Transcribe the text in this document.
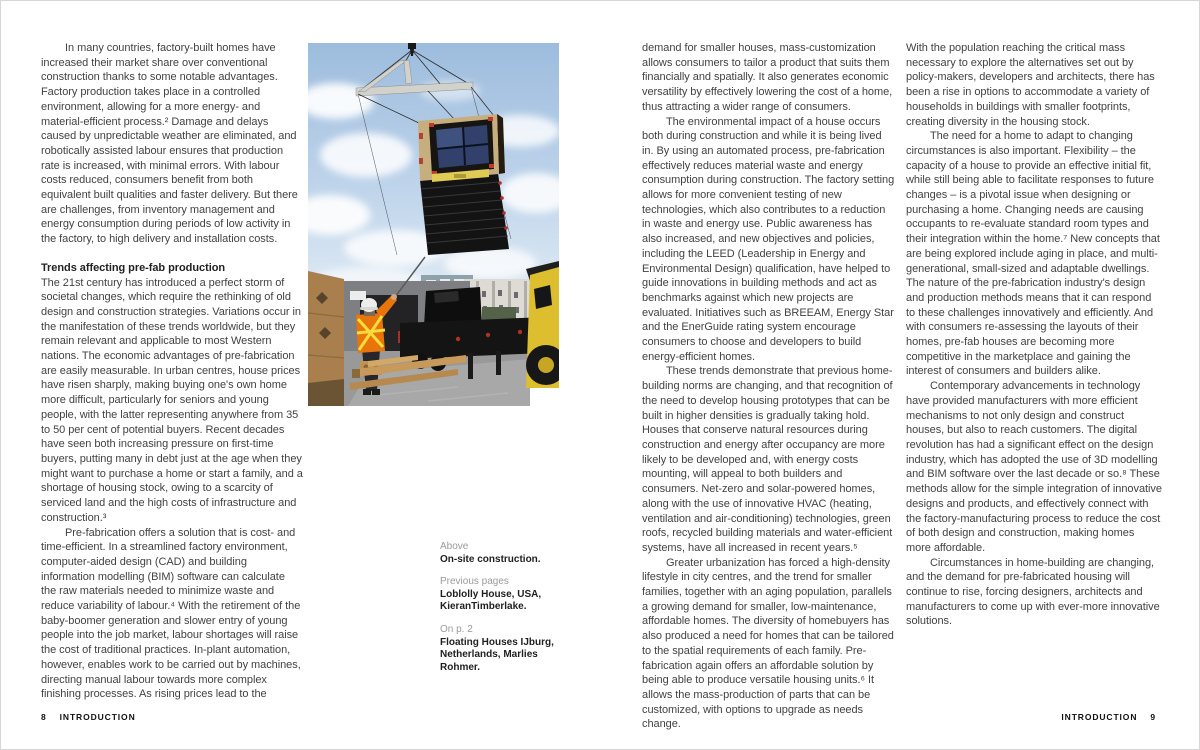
In many countries, factory-built homes have increased their market share over conventional construction thanks to some notable advantages. Factory production takes place in a controlled environment, allowing for a more energy- and material-efficient process.² Damage and delays caused by unpredictable weather are eliminated, and robotically assisted labour ensures that production rate is increased, with minimal errors. With labour costs reduced, consumers benefit from both equivalent built qualities and faster delivery. But there are challenges, from inventory management and energy consumption during periods of low activity in the factory, to high delivery and installation costs.

Trends affecting pre-fab production

The 21st century has introduced a perfect storm of societal changes, which require the rethinking of old design and construction strategies. Variations occur in the manifestation of these trends worldwide, but they remain relevant and applicable to most Western nations. The economic advantages of pre-fabrication are easily measurable. In urban centres, house prices have risen sharply, making buying one's own home more difficult, particularly for seniors and young people, with the latter representing anywhere from 35 to 50 per cent of potential buyers. Recent decades have seen both increasing pressure on first-time buyers, putting many in debt just at the age when they might want to purchase a home or start a family, and a shortage of housing stock, owing to a scarcity of serviced land and the high costs of infrastructure and construction.³

Pre-fabrication offers a solution that is cost- and time-efficient. In a streamlined factory environment, computer-aided design (CAD) and building information modelling (BIM) software can calculate the raw materials needed to minimize waste and reduce variability of labour.⁴ With the retirement of the baby-boomer generation and slower entry of young people into the job market, labour shortages will raise the cost of traditional practices. In-plant automation, however, enables work to be carried out by machines, directing manual labour towards more complex finishing processes. As rising prices lead to the

Above

On-site construction.

Previous pages

Loblolly House, USA, KieranTimberlake.

On p. 2

Floating Houses IJburg, Netherlands, Marlies Rohmer.

demand for smaller houses, mass-customization allows consumers to tailor a product that suits them financially and spatially. It also generates economic versatility by effectively lowering the cost of a home, thus attracting a wider range of consumers.

The environmental impact of a house occurs both during construction and while it is being lived in. By using an automated process, pre-fabrication effectively reduces material waste and energy consumption during construction. The factory setting allows for more convenient testing of new technologies, which also contributes to a reduction in waste and energy use. Public awareness has also increased, and new objectives and policies, including the LEED (Leadership in Energy and Environmental Design) qualification, have helped to guide innovations in building methods and act as benchmarks against which new projects are evaluated. Initiatives such as BREEAM, Energy Star and the EnerGuide rating system encourage consumers to choose and developers to build energy-efficient homes.

These trends demonstrate that previous home-building norms are changing, and that recognition of the need to develop housing prototypes that can be built in higher densities is gradually taking hold. Houses that conserve natural resources during construction and energy after occupancy are more likely to be developed and, with energy costs mounting, will appeal to both builders and consumers. Net-zero and solar-powered homes, along with the use of innovative HVAC (heating, ventilation and air-conditioning) technologies, green roofs, recycled building materials and water-efficient systems, have all increased in recent years.⁵

Greater urbanization has forced a high-density lifestyle in city centres, and the trend for smaller families, together with an aging population, parallels a growing demand for smaller, low-maintenance, affordable homes. The diversity of homebuyers has also produced a need for homes that can be tailored to the spatial requirements of each family. Pre-fabrication again offers an affordable solution by being able to produce versatile housing units.⁶ It allows the mass-production of parts that can be customized, with options to upgrade as needs change.

With the population reaching the critical mass necessary to explore the alternatives set out by policy-makers, developers and architects, there has been a rise in options to accommodate a variety of households in buildings with smaller footprints, creating diversity in the housing stock.

The need for a home to adapt to changing circumstances is also important. Flexibility – the capacity of a house to provide an effective initial fit, while still being able to facilitate responses to future changes – is a pivotal issue when designing or purchasing a home. Changing needs are causing occupants to re-evaluate standard room types and their integration within the home.⁷ New concepts that are being explored include aging in place, and multi-generational, small-sized and adaptable dwellings. The nature of the pre-fabrication industry's design and production methods means that it can respond to these challenges innovatively and efficiently. And with consumers re-assessing the layouts of their homes, pre-fab houses are becoming more competitive in the marketplace and gaining the interest of consumers and builders alike.

Contemporary advancements in technology have provided manufacturers with more efficient mechanisms to not only design and construct houses, but also to reach customers. The digital revolution has had a significant effect on the design industry, which has adopted the use of 3D modelling and BIM software over the last decade or so.⁸ These methods allow for the simple integration of innovative designs and products, and effectively connect with the factory-manufacturing process to reduce the cost of both design and construction, making homes more affordable.

Circumstances in home-building are changing, and the demand for pre-fabricated housing will continue to rise, forcing designers, architects and manufacturers to come up with ever-more innovative solutions.

8 INTRODUCTION	INTRODUCTION 9
